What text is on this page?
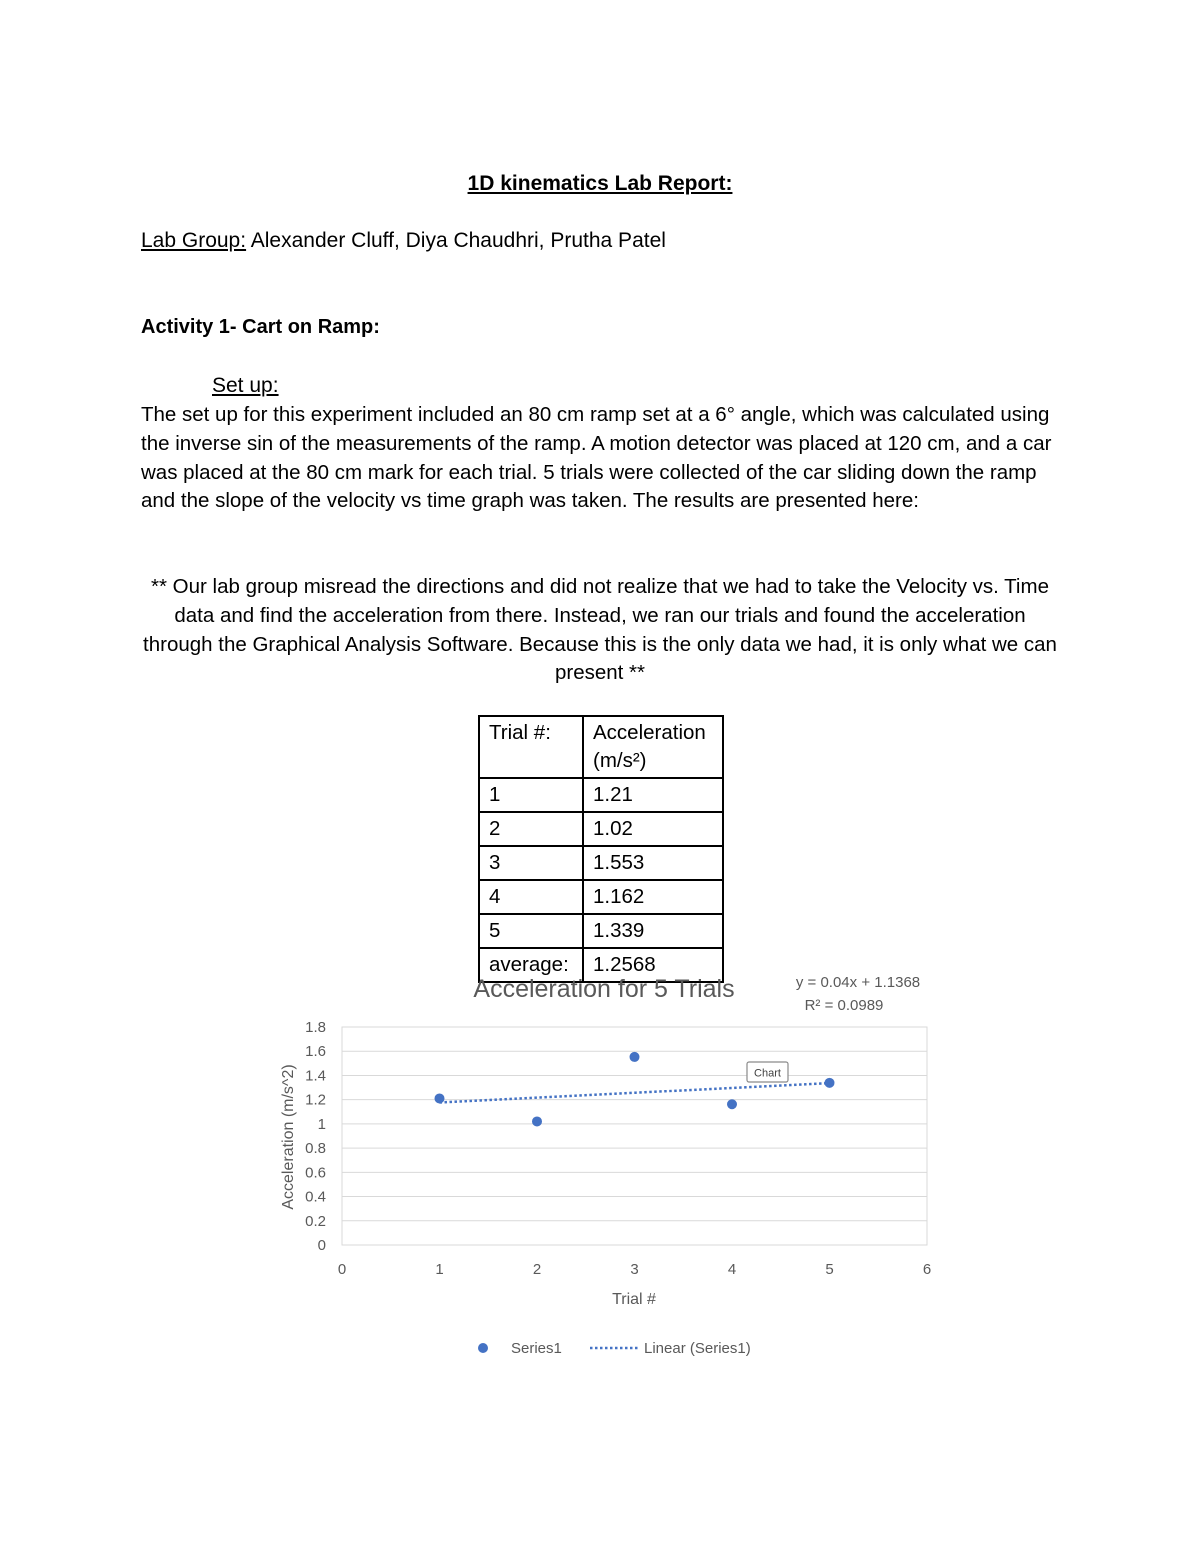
1D kinematics Lab Report:
Lab Group: Alexander Cluff, Diya Chaudhri, Prutha Patel
Activity 1- Cart on Ramp:
Set up:

The set up for this experiment included an 80 cm ramp set at a 6° angle, which was calculated using the inverse sin of the measurements of the ramp. A motion detector was placed at 120 cm, and a car was placed at the 80 cm mark for each trial. 5 trials were collected of the car sliding down the ramp and the slope of the velocity vs time graph was taken. The results are presented here:

** Our lab group misread the directions and did not realize that we had to take the Velocity vs. Time data and find the acceleration from there. Instead, we ran our trials and found the acceleration through the Graphical Analysis Software. Because this is the only data we had, it is only what we can present **

Trial #:	Acceleration (m/s²)
1	1.21
2	1.02
3	1.553
4	1.162
5	1.339
average:	1.2568
Acceleration for 5 Trials	y = 0.04x + 1.1368
R² = 0.0989
0
0.2
0.4
0.6
0.8
1
1.2
1.4
1.6
1.8
0	1	2	3	4	5	6
Chart
Trial #
Acceleration (m/s^2)
Series1	Linear (Series1)
